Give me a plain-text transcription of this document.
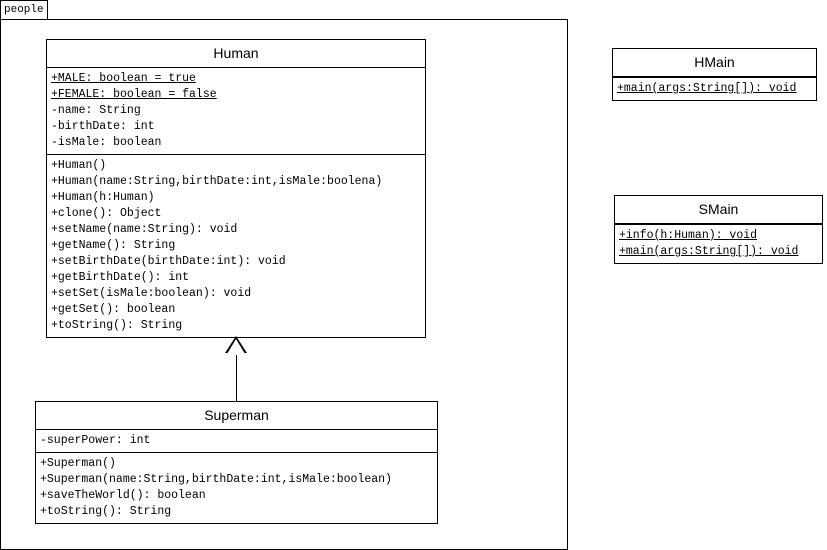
people
Human
+MALE: boolean = true
+FEMALE: boolean = false
-name: String
-birthDate: int
-isMale: boolean
+Human()
+Human(name:String,birthDate:int,isMale:boolena)
+Human(h:Human)
+clone(): Object
+setName(name:String): void
+getName(): String
+setBirthDate(birthDate:int): void
+getBirthDate(): int
+setSet(isMale:boolean): void
+getSet(): boolean
+toString(): String
Superman
-superPower: int
+Superman()
+Superman(name:String,birthDate:int,isMale:boolean)
+saveTheWorld(): boolean
+toString(): String
HMain
+main(args:String[]): void
SMain
+info(h:Human): void
+main(args:String[]): void
